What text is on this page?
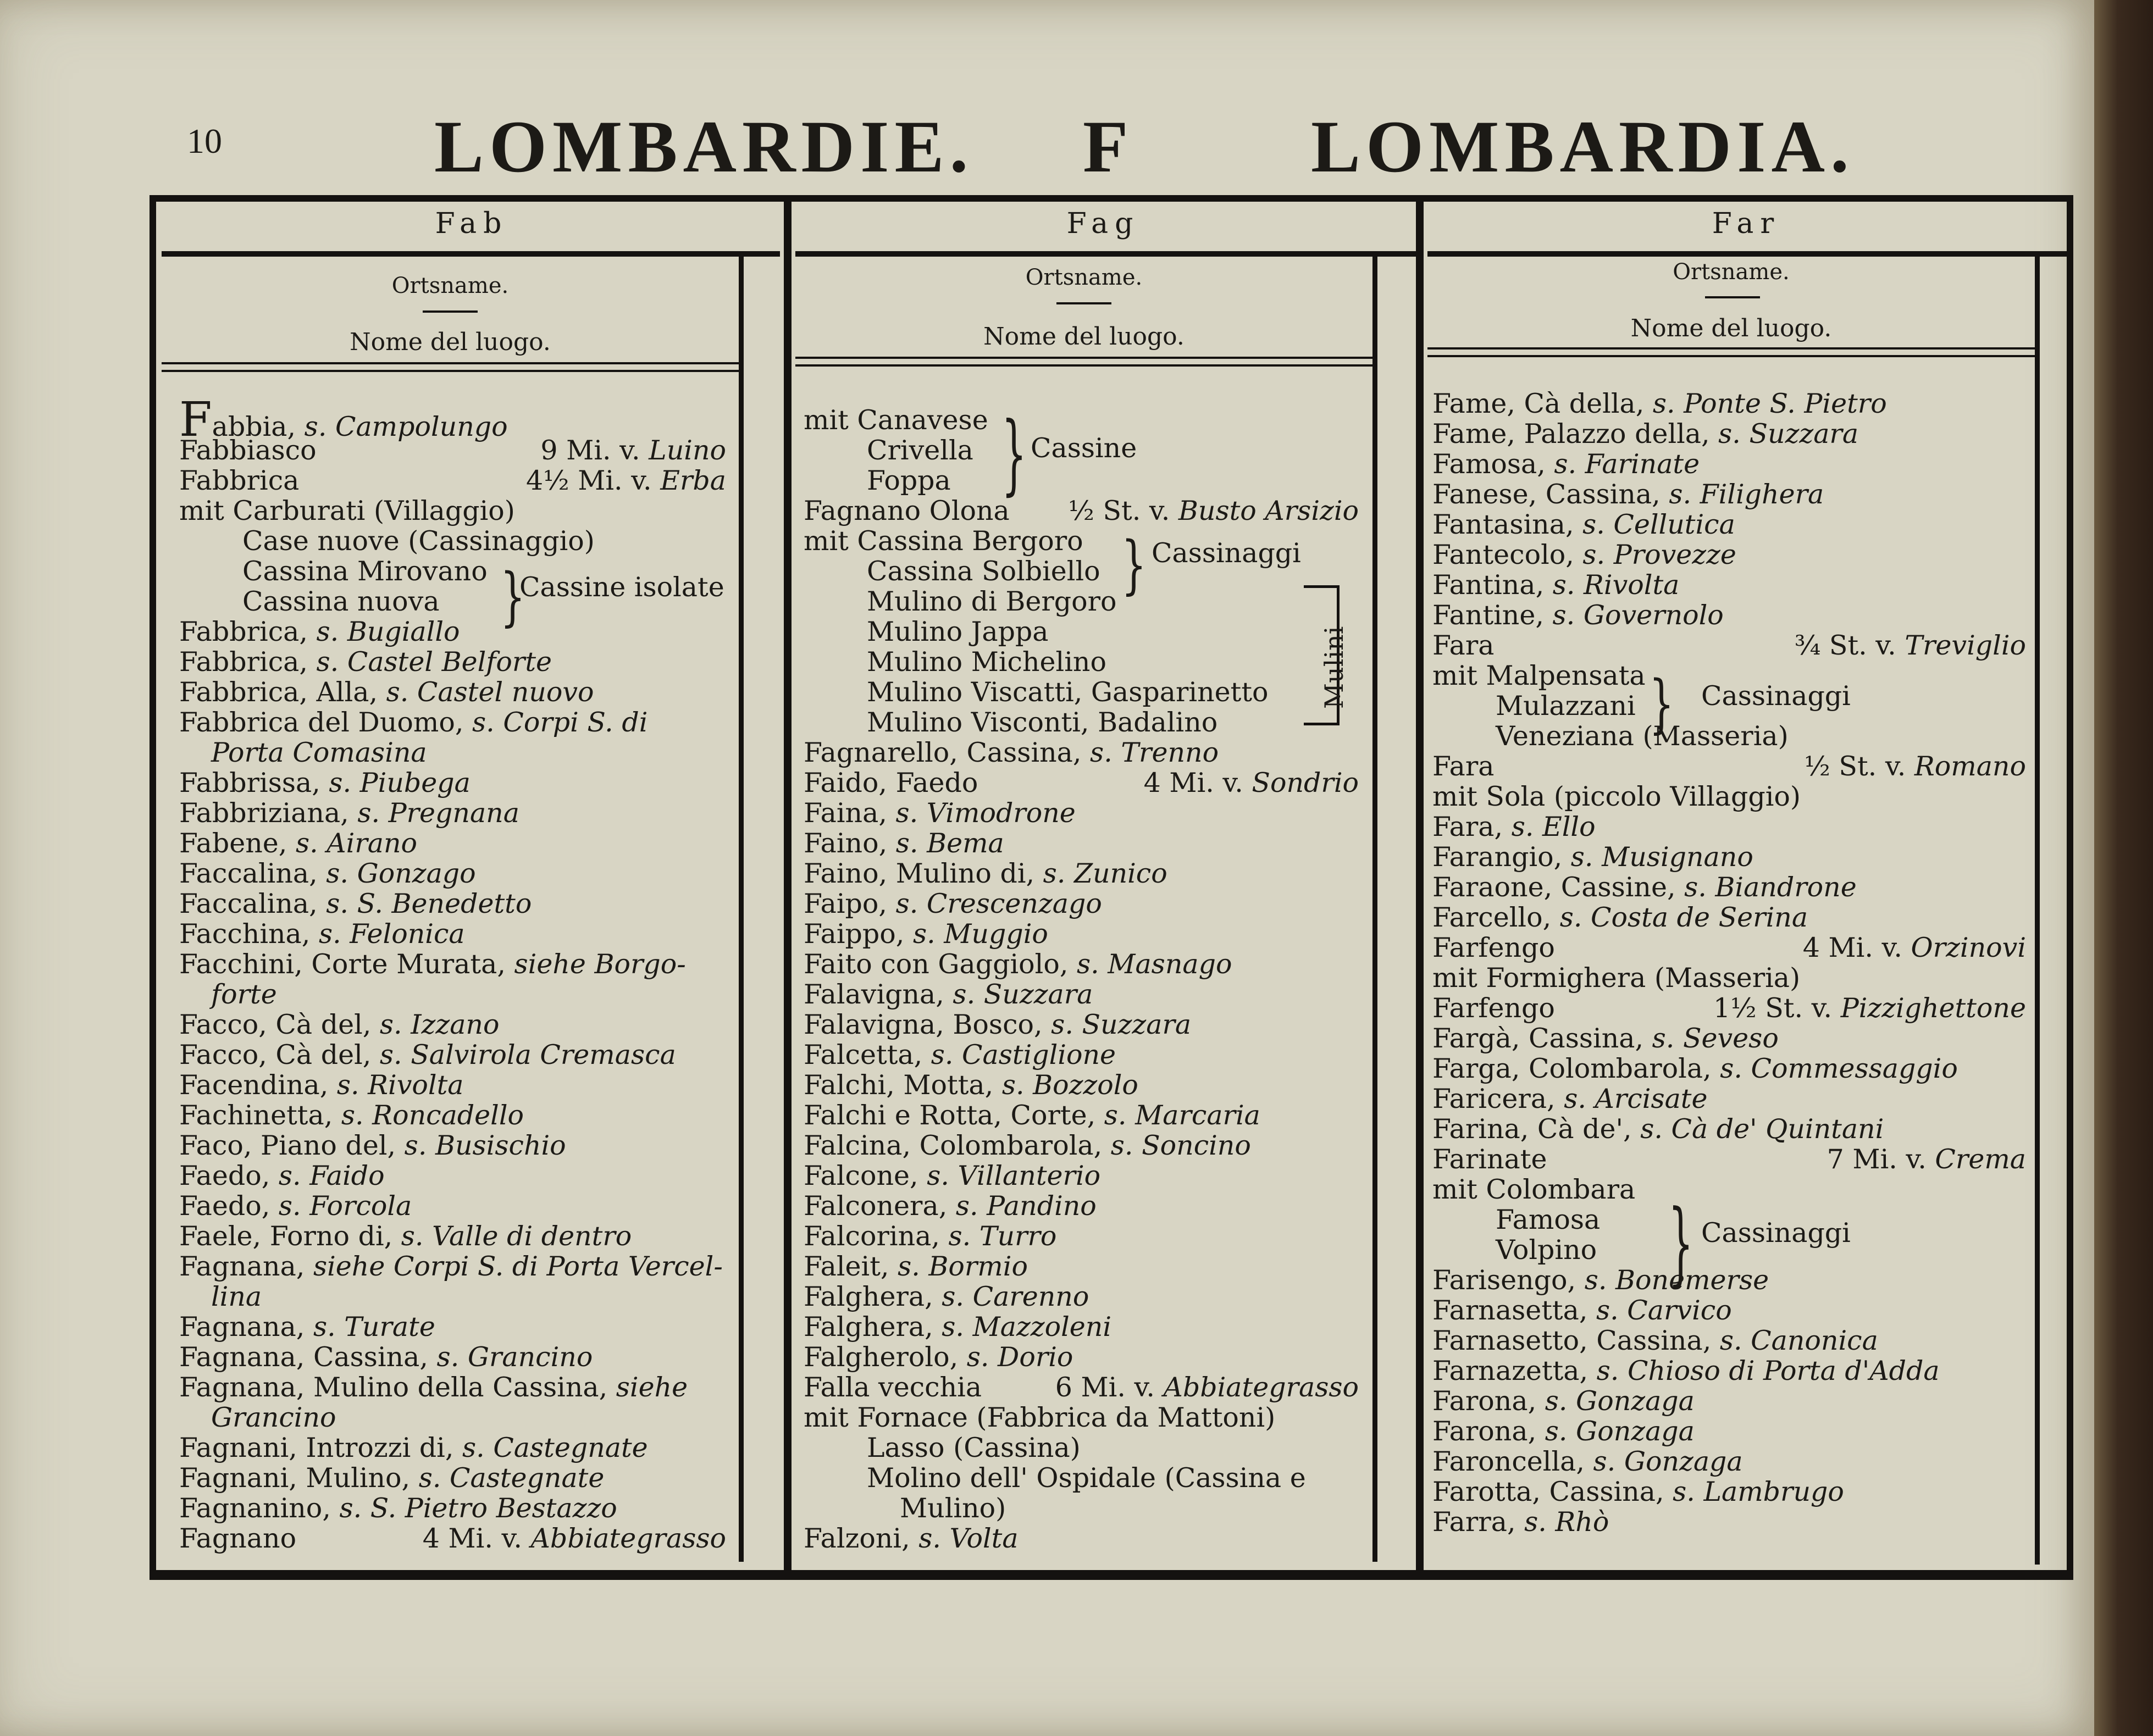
10	LOMBARDIE. F LOMBARDIA.
Fab
Ortsname.
Nome del luogo.
Fabbia, s. Campolungo
Fabbiasco	9 Mi. v. Luino
Fabbrica	4½ Mi. v. Erba
mit Carburati (Villaggio)
Case nuove (Cassinaggio)
Cassina Mirovano
Cassina nuova
Fabbrica, s. Bugiallo
Fabbrica, s. Castel Belforte
Fabbrica, Alla, s. Castel nuovo
Fabbrica del Duomo, s. Corpi S. di
Porta Comasina
Fabbrissa, s. Piubega
Fabbriziana, s. Pregnana
Fabene, s. Airano
Faccalina, s. Gonzago
Faccalina, s. S. Benedetto
Facchina, s. Felonica
Facchini, Corte Murata, siehe Borgo-
forte
Facco, Cà del, s. Izzano
Facco, Cà del, s. Salvirola Cremasca
Facendina, s. Rivolta
Fachinetta, s. Roncadello
Faco, Piano del, s. Busischio
Faedo, s. Faido
Faedo, s. Forcola
Faele, Forno di, s. Valle di dentro
Fagnana, siehe Corpi S. di Porta Vercel-
lina
Fagnana, s. Turate
Fagnana, Cassina, s. Grancino
Fagnana, Mulino della Cassina, siehe
Grancino
Fagnani, Introzzi di, s. Castegnate
Fagnani, Mulino, s. Castegnate
Fagnanino, s. S. Pietro Bestazzo
Fagnano	4 Mi. v. Abbiategrasso
Fag
Ortsname.
Nome del luogo.
mit Canavese
Crivella
Foppa
Fagnano Olona ½ St. v. Busto Arsizio
mit Cassina Bergoro
Cassina Solbiello
Mulino di Bergoro
Mulino Jappa
Mulino Michelino
Mulino Viscatti, Gasparinetto
Mulino Visconti, Badalino
Fagnarello, Cassina, s. Trenno
Faido, Faedo	4 Mi. v. Sondrio
Faina, s. Vimodrone
Faino, s. Bema
Faino, Mulino di, s. Zunico
Faipo, s. Crescenzago
Faippo, s. Muggio
Faito con Gaggiolo, s. Masnago
Falavigna, s. Suzzara
Falavigna, Bosco, s. Suzzara
Falcetta, s. Castiglione
Falchi, Motta, s. Bozzolo
Falchi e Rotta, Corte, s. Marcaria
Falcina, Colombarola, s. Soncino
Falcone, s. Villanterio
Falconera, s. Pandino
Falcorina, s. Turro
Faleit, s. Bormio
Falghera, s. Carenno
Falghera, s. Mazzoleni
Falgherolo, s. Dorio
Falla vecchia	6 Mi. v. Abbiategrasso
mit Fornace (Fabbrica da Mattoni)
Lasso (Cassina)
Molino dell' Ospidale (Cassina e
Mulino)
Falzoni, s. Volta
Far
Ortsname.
Nome del luogo.
Fame, Cà della, s. Ponte S. Pietro
Fame, Palazzo della, s. Suzzara
Famosa, s. Farinate
Fanese, Cassina, s. Filighera
Fantasina, s. Cellutica
Fantecolo, s. Provezze
Fantina, s. Rivolta
Fantine, s. Governolo
Fara	¾ St. v. Treviglio
mit Malpensata
Mulazzani
Veneziana (Masseria)
Fara	½ St. v. Romano
mit Sola (piccolo Villaggio)
Fara, s. Ello
Farangio, s. Musignano
Faraone, Cassine, s. Biandrone
Farcello, s. Costa de Serina
Farfengo	4 Mi. v. Orzinovi
mit Formighera (Masseria)
Farfengo	1½ St. v. Pizzighettone
Fargà, Cassina, s. Seveso
Farga, Colombarola, s. Commessaggio
Faricera, s. Arcisate
Farina, Cà de', s. Cà de' Quintani
Farinate	7 Mi. v. Crema
mit Colombara
Famosa
Volpino
Farisengo, s. Bonemerse
Farnasetta, s. Carvico
Farnasetto, Cassina, s. Canonica
Farnazetta, s. Chioso di Porta d'Adda
Farona, s. Gonzaga
Farona, s. Gonzaga
Faroncella, s. Gonzaga
Farotta, Cassina, s. Lambrugo
Farra, s. Rhò
}
Cassine isolate
} Cassine
} Cassinaggi
Mulini	} Cassinaggi
} Cassinaggi
